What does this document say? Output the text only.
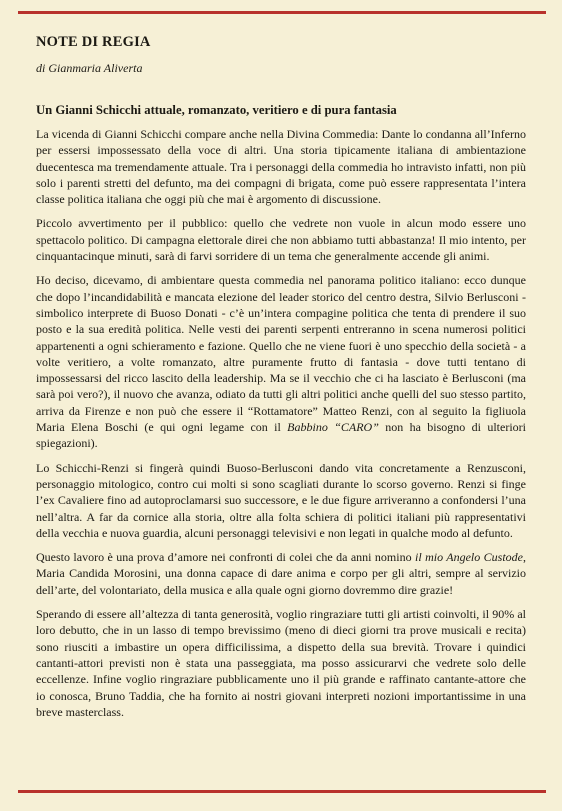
NOTE DI REGIA

di Gianmaria Aliverta

Un Gianni Schicchi attuale, romanzato, veritiero e di pura fantasia

La vicenda di Gianni Schicchi compare anche nella Divina Commedia: Dante lo condanna all’Inferno per essersi impossessato della voce di altri. Una storia tipicamente italiana di ambientazione duecentesca ma tremendamente attuale. Tra i personaggi della commedia ho intravisto infatti, non più solo i parenti stretti del defunto, ma dei compagni di brigata, come può essere rappresentata l’intera classe politica italiana che oggi più che mai è argomento di discussione.

Piccolo avvertimento per il pubblico: quello che vedrete non vuole in alcun modo essere uno spettacolo politico. Di campagna elettorale direi che non abbiamo tutti abbastanza! Il mio intento, per cinquantacinque minuti, sarà di farvi sorridere di un tema che generalmente accende gli animi.

Ho deciso, dicevamo, di ambientare questa commedia nel panorama politico italiano: ecco dunque che dopo l’incandidabilità e mancata elezione del leader storico del centro destra, Silvio Berlusconi - simbolico interprete di Buoso Donati - c’è un’intera compagine politica che tenta di prendere il suo posto e la sua eredità politica. Nelle vesti dei parenti serpenti entreranno in scena numerosi politici appartenenti a ogni schieramento e fazione. Quello che ne viene fuori è uno specchio della società - a volte veritiero, a volte romanzato, altre puramente frutto di fantasia - dove tutti tentano di impossessarsi del ricco lascito della leadership. Ma se il vecchio che ci ha lasciato è Berlusconi (ma sarà poi vero?), il nuovo che avanza, odiato da tutti gli altri politici anche quelli del suo stesso partito, arriva da Firenze e non può che essere il “Rottamatore” Matteo Renzi, con al seguito la figliuola Maria Elena Boschi (e qui ogni legame con il Babbino “CARO” non ha bisogno di ulteriori spiegazioni).

Lo Schicchi-Renzi si fingerà quindi Buoso-Berlusconi dando vita concretamente a Renzusconi, personaggio mitologico, contro cui molti si sono scagliati durante lo scorso governo. Renzi si finge l’ex Cavaliere fino ad autoproclamarsi suo successore, e le due figure arriveranno a confondersi l’una nell’altra. A far da cornice alla storia, oltre alla folta schiera di politici italiani più rappresentativi della vecchia e nuova guardia, alcuni personaggi televisivi e non legati in qualche modo al defunto.

Questo lavoro è una prova d’amore nei confronti di colei che da anni nomino il mio Angelo Custode, Maria Candida Morosini, una donna capace di dare anima e corpo per gli altri, sempre al servizio dell’arte, del volontariato, della musica e alla quale ogni giorno dovremmo dire grazie!

Sperando di essere all’altezza di tanta generosità, voglio ringraziare tutti gli artisti coinvolti, il 90% al loro debutto, che in un lasso di tempo brevissimo (meno di dieci giorni tra prove musicali e recita) sono riusciti a imbastire un opera difficilissima, a dispetto della sua brevità. Trovare i quindici cantanti-attori previsti non è stata una passeggiata, ma posso assicurarvi che vedrete solo delle eccellenze. Infine voglio ringraziare pubblicamente uno il più grande e raffinato cantante-attore che io conosca, Bruno Taddia, che ha fornito ai nostri giovani interpreti nozioni importantissime in una breve masterclass.
